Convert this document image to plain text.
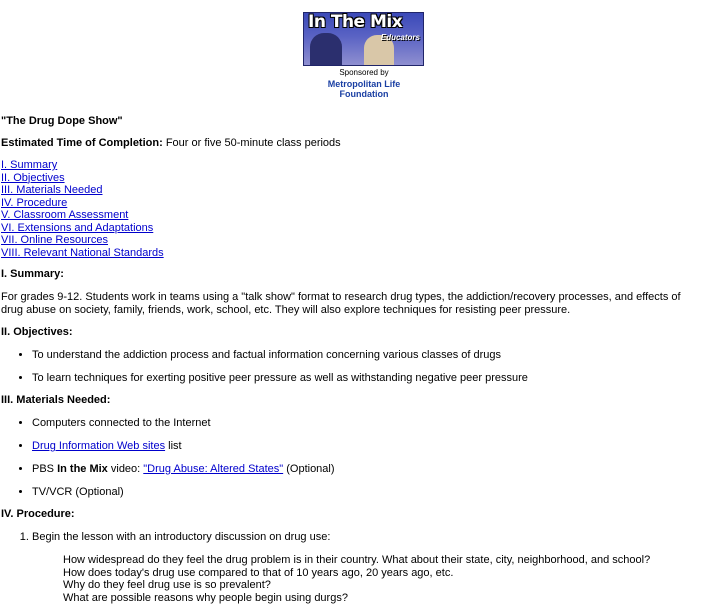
In The Mix
Educators
Sponsored by
Metropolitan Life
Foundation

"The Drug Dope Show"

Estimated Time of Completion: Four or five 50-minute class periods

I. Summary
II. Objectives
III. Materials Needed
IV. Procedure
V. Classroom Assessment
VI. Extensions and Adaptations
VII. Online Resources
VIII. Relevant National Standards
I. Summary:

For grades 9-12. Students work in teams using a "talk show" format to research drug types, the addiction/recovery processes, and effects of drug abuse on society, family, friends, work, school, etc. They will also explore techniques for resisting peer pressure.

II. Objectives:
• To understand the addiction process and factual information concerning various classes of drugs
• To learn techniques for exerting positive peer pressure as well as withstanding negative peer pressure
III. Materials Needed:
• Computers connected to the Internet
• Drug Information Web sites list
• PBS In the Mix video: "Drug Abuse: Altered States" (Optional)
• TV/VCR (Optional)
IV. Procedure:
1. Begin the lesson with an introductory discussion on drug use:
How widespread do they feel the drug problem is in their country. What about their state, city, neighborhood, and school?
How does today's drug use compared to that of 10 years ago, 20 years ago, etc.
Why do they feel drug use is so prevalent?
What are possible reasons why people begin using durgs?
